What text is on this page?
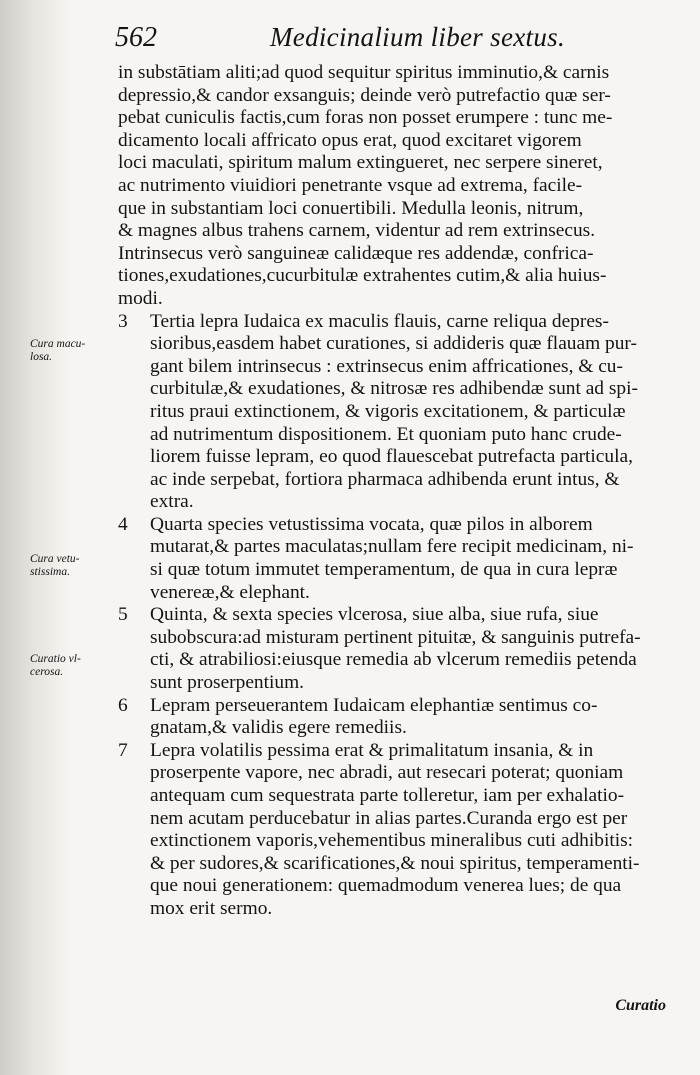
562	Medicinalium liber sextus.
Cura macu- losa.
Cura vetu- stissima.
Curatio vl- cerosa.
in substātiam aliti;ad quod sequitur spiritus imminutio,& carnis
depressio,& candor exsanguis; deinde verò putrefactio quæ ser-
pebat cuniculis factis,cum foras non posset erumpere : tunc me-
dicamento locali affricato opus erat, quod excitaret vigorem
loci maculati, spiritum malum extingueret, nec serpere sineret,
ac nutrimento viuidiori penetrante vsque ad extrema, facile-
que in substantiam loci conuertibili. Medulla leonis, nitrum,
& magnes albus trahens carnem, videntur ad rem extrinsecus.
Intrinsecus verò sanguineæ calidæque res addendæ, confrica-
tiones,exudationes,cucurbitulæ extrahentes cutim,& alia huius-
modi.
3 Tertia lepra Iudaica ex maculis flauis, carne reliqua depres-
sioribus,easdem habet curationes, si addideris quæ flauam pur-
gant bilem intrinsecus : extrinsecus enim affricationes, & cu-
curbitulæ,& exudationes, & nitrosæ res adhibendæ sunt ad spi-
ritus praui extinctionem, & vigoris excitationem, & particulæ
ad nutrimentum dispositionem. Et quoniam puto hanc crude-
liorem fuisse lepram, eo quod flauescebat putrefacta particula,
ac inde serpebat, fortiora pharmaca adhibenda erunt intus, &
extra.
4 Quarta species vetustissima vocata, quæ pilos in alborem
mutarat,& partes maculatas;nullam fere recipit medicinam, ni-
si quæ totum immutet temperamentum, de qua in cura lepræ
venereæ,& elephant.
5 Quinta, & sexta species vlcerosa, siue alba, siue rufa, siue
subobscura:ad misturam pertinent pituitæ, & sanguinis putrefa-
cti, & atrabiliosi:eiusque remedia ab vlcerum remediis petenda
sunt proserpentium.
6 Lepram perseuerantem Iudaicam elephantiæ sentimus co-
gnatam,& validis egere remediis.
7 Lepra volatilis pessima erat & primalitatum insania, & in
proserpente vapore, nec abradi, aut resecari poterat; quoniam
antequam cum sequestrata parte tolleretur, iam per exhalatio-
nem acutam perducebatur in alias partes.Curanda ergo est per
extinctionem vaporis,vehementibus mineralibus cuti adhibitis:
& per sudores,& scarificationes,& noui spiritus, temperamenti-
que noui generationem: quemadmodum venerea lues; de qua
mox erit sermo.
Curatio
